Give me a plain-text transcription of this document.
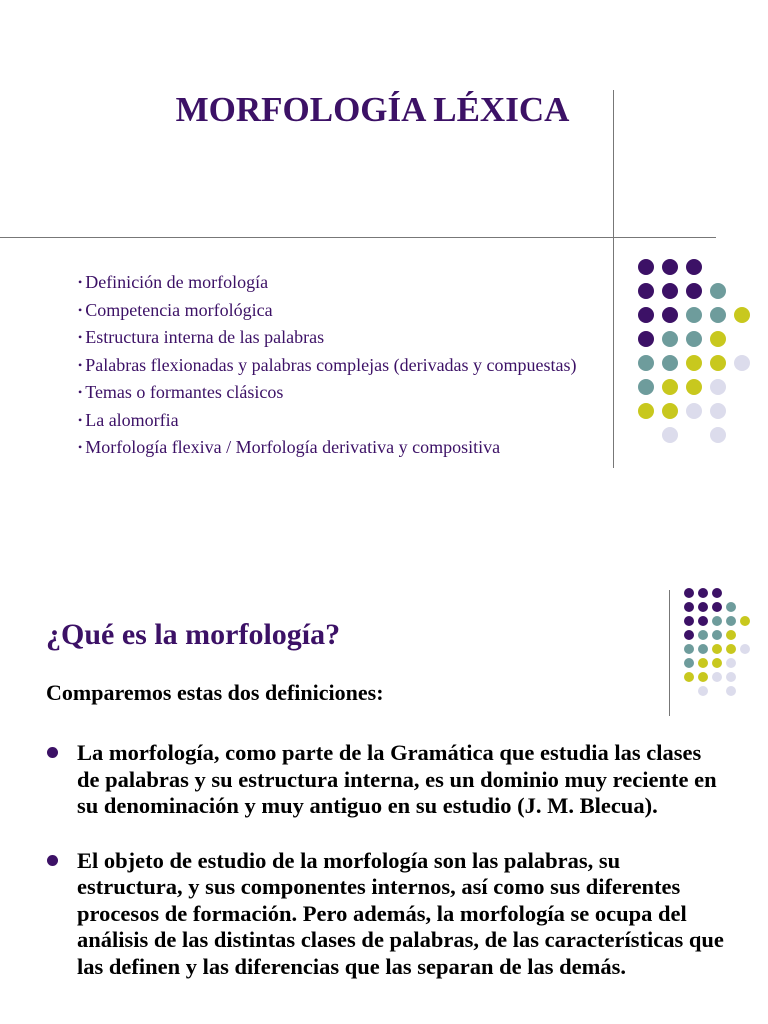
MORFOLOGÍA LÉXICA
• Definición de morfología
• Competencia morfológica
• Estructura interna de las palabras
• Palabras flexionadas y palabras complejas (derivadas y compuestas)
• Temas o formantes clásicos
• La alomorfia
• Morfología flexiva / Morfología derivativa y compositiva
¿Qué es la morfología?

Comparemos estas dos definiciones:

La morfología, como parte de la Gramática que estudia las clases de palabras y su estructura interna, es un dominio muy reciente en su denominación y muy antiguo en su estudio (J. M. Blecua).
El objeto de estudio de la morfología son las palabras, su estructura, y sus componentes internos, así como sus diferentes procesos de formación. Pero además, la morfología se ocupa del análisis de las distintas clases de palabras, de las características que las definen y las diferencias que las separan de las demás.
